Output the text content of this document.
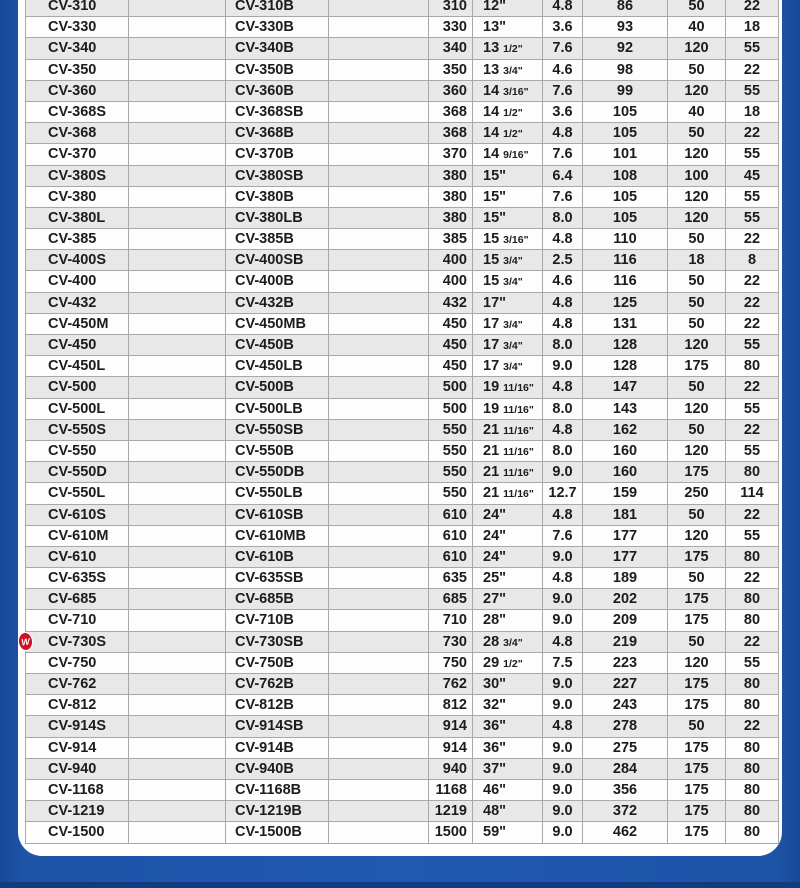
CV-310	CV-310B	310	12"	4.8	86	50	22
CV-330	CV-330B	330	13"	3.6	93	40	18
CV-340	CV-340B	340	13 1/2"	7.6	92	120	55
CV-350	CV-350B	350	13 3/4"	4.6	98	50	22
CV-360	CV-360B	360	14 3/16"	7.6	99	120	55
CV-368S	CV-368SB	368	14 1/2"	3.6	105	40	18
CV-368	CV-368B	368	14 1/2"	4.8	105	50	22
CV-370	CV-370B	370	14 9/16"	7.6	101	120	55
CV-380S	CV-380SB	380	15"	6.4	108	100	45
CV-380	CV-380B	380	15"	7.6	105	120	55
CV-380L	CV-380LB	380	15"	8.0	105	120	55
CV-385	CV-385B	385	15 3/16"	4.8	110	50	22
CV-400S	CV-400SB	400	15 3/4"	2.5	116	18	8
CV-400	CV-400B	400	15 3/4"	4.6	116	50	22
CV-432	CV-432B	432	17"	4.8	125	50	22
CV-450M	CV-450MB	450	17 3/4"	4.8	131	50	22
CV-450	CV-450B	450	17 3/4"	8.0	128	120	55
CV-450L	CV-450LB	450	17 3/4"	9.0	128	175	80
CV-500	CV-500B	500	19 11/16"	4.8	147	50	22
CV-500L	CV-500LB	500	19 11/16"	8.0	143	120	55
CV-550S	CV-550SB	550	21 11/16"	4.8	162	50	22
CV-550	CV-550B	550	21 11/16"	8.0	160	120	55
CV-550D	CV-550DB	550	21 11/16"	9.0	160	175	80
CV-550L	CV-550LB	550	21 11/16"	12.7	159	250	114
CV-610S	CV-610SB	610	24"	4.8	181	50	22
CV-610M	CV-610MB	610	24"	7.6	177	120	55
CV-610	CV-610B	610	24"	9.0	177	175	80
CV-635S	CV-635SB	635	25"	4.8	189	50	22
CV-685	CV-685B	685	27"	9.0	202	175	80
CV-710	CV-710B	710	28"	9.0	209	175	80
CV-730S	CV-730SB	730	28 3/4"	4.8	219	50	22
CV-750	CV-750B	750	29 1/2"	7.5	223	120	55
CV-762	CV-762B	762	30"	9.0	227	175	80
CV-812	CV-812B	812	32"	9.0	243	175	80
CV-914S	CV-914SB	914	36"	4.8	278	50	22
CV-914	CV-914B	914	36"	9.0	275	175	80
CV-940	CV-940B	940	37"	9.0	284	175	80
CV-1168	CV-1168B	1168	46"	9.0	356	175	80
CV-1219	CV-1219B	1219	48"	9.0	372	175	80
CV-1500	CV-1500B	1500	59"	9.0	462	175	80
W
